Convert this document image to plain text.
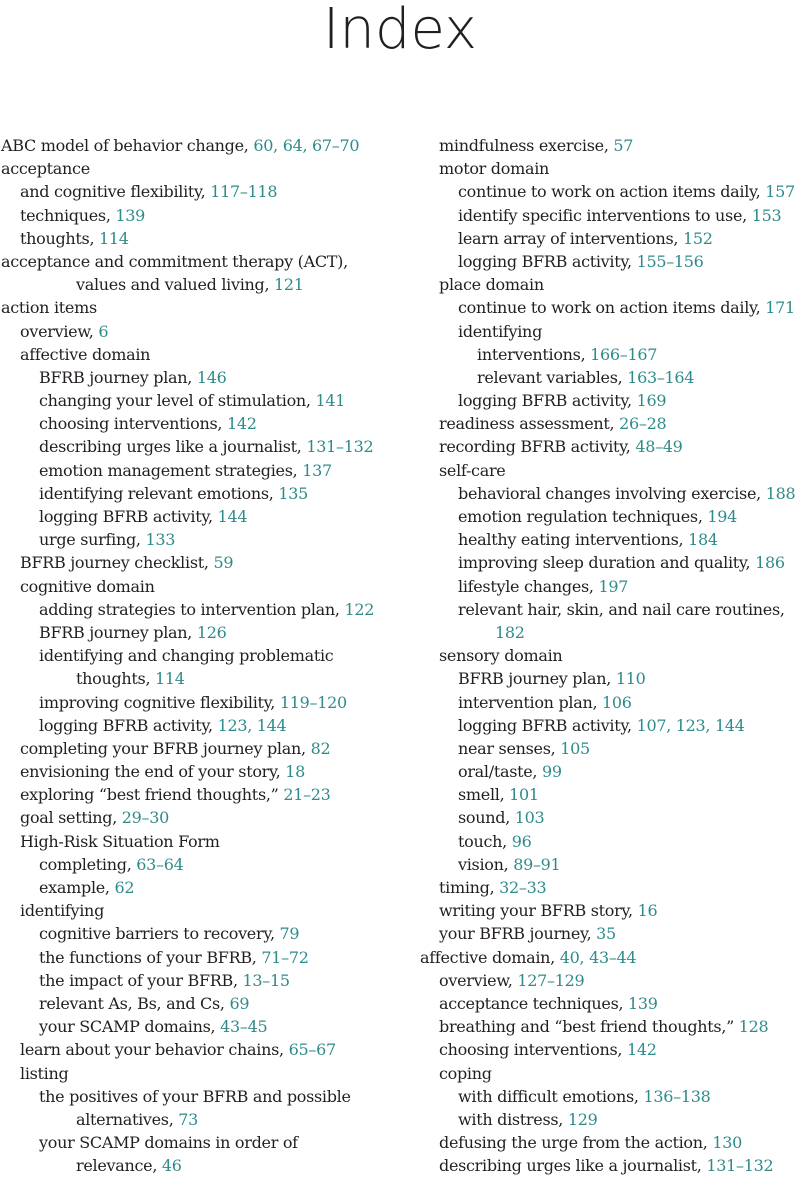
Index
ABC model of behavior change, 60, 64, 67–70
acceptance
and cognitive flexibility, 117–118
techniques, 139
thoughts, 114
acceptance and commitment therapy (ACT),
values and valued living, 121
action items
overview, 6
affective domain
BFRB journey plan, 146
changing your level of stimulation, 141
choosing interventions, 142
describing urges like a journalist, 131–132
emotion management strategies, 137
identifying relevant emotions, 135
logging BFRB activity, 144
urge surfing, 133
BFRB journey checklist, 59
cognitive domain
adding strategies to intervention plan, 122
BFRB journey plan, 126
identifying and changing problematic
thoughts, 114
improving cognitive flexibility, 119–120
logging BFRB activity, 123, 144
completing your BFRB journey plan, 82
envisioning the end of your story, 18
exploring “best friend thoughts,” 21–23
goal setting, 29–30
High-Risk Situation Form
completing, 63–64
example, 62
identifying
cognitive barriers to recovery, 79
the functions of your BFRB, 71–72
the impact of your BFRB, 13–15
relevant As, Bs, and Cs, 69
your SCAMP domains, 43–45
learn about your behavior chains, 65–67
listing
the positives of your BFRB and possible
alternatives, 73
your SCAMP domains in order of
relevance, 46
mindfulness exercise, 57
motor domain
continue to work on action items daily, 157
identify specific interventions to use, 153
learn array of interventions, 152
logging BFRB activity, 155–156
place domain
continue to work on action items daily, 171
identifying
interventions, 166–167
relevant variables, 163–164
logging BFRB activity, 169
readiness assessment, 26–28
recording BFRB activity, 48–49
self-care
behavioral changes involving exercise, 188
emotion regulation techniques, 194
healthy eating interventions, 184
improving sleep duration and quality, 186
lifestyle changes, 197
relevant hair, skin, and nail care routines,
182
sensory domain
BFRB journey plan, 110
intervention plan, 106
logging BFRB activity, 107, 123, 144
near senses, 105
oral/taste, 99
smell, 101
sound, 103
touch, 96
vision, 89–91
timing, 32–33
writing your BFRB story, 16
your BFRB journey, 35
affective domain, 40, 43–44
overview, 127–129
acceptance techniques, 139
breathing and “best friend thoughts,” 128
choosing interventions, 142
coping
with difficult emotions, 136–138
with distress, 129
defusing the urge from the action, 130
describing urges like a journalist, 131–132
